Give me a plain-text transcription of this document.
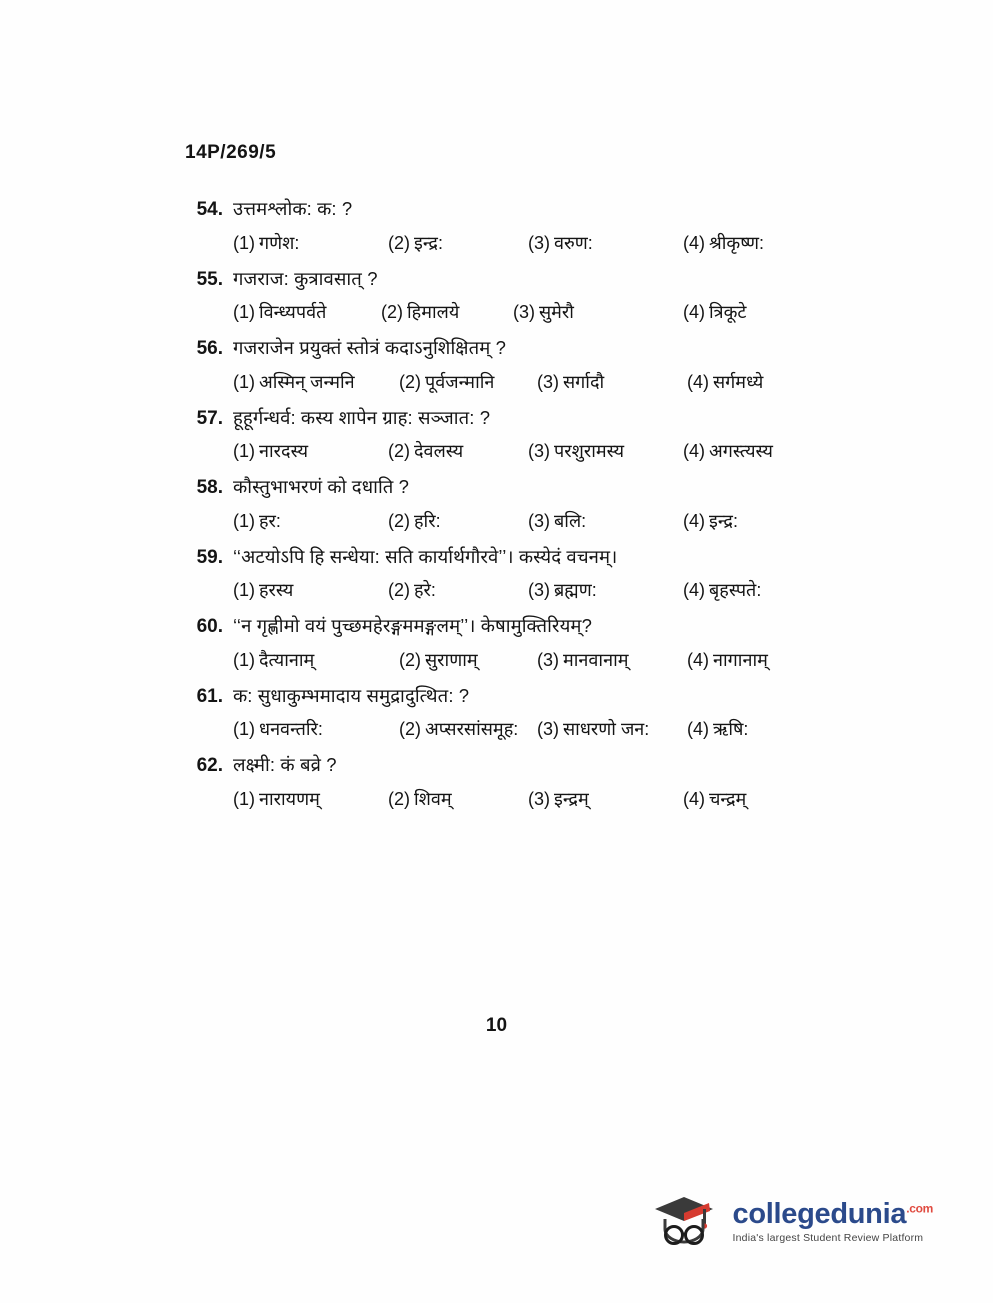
14P/269/5
54. उत्तमश्लोक: क: ?
(1) गणेश:	(2) इन्द्र:	(3) वरुण:	(4) श्रीकृष्ण:
55. गजराज: कुत्रावसात् ?
(1) विन्ध्यपर्वते	(2) हिमालये	(3) सुमेरौ	(4) त्रिकूटे
56. गजराजेन प्रयुक्तं स्तोत्रं कदाऽनुशिक्षितम् ?
(1) अस्मिन् जन्मनि	(2) पूर्वजन्मानि	(3) सर्गादौ	(4) सर्गमध्ये
57. हूहूर्गन्धर्व: कस्य शापेन ग्राह: सञ्जात: ?
(1) नारदस्य	(2) देवलस्य	(3) परशुरामस्य	(4) अगस्त्यस्य
58. कौस्तुभाभरणं को दधाति ?
(1) हर:	(2) हरि:	(3) बलि:	(4) इन्द्र:
59. ‘‘अटयोऽपि हि सन्धेया: सति कार्यार्थगौरवे’’। कस्येदं वचनम्।
(1) हरस्य	(2) हरे:	(3) ब्रह्मण:	(4) बृहस्पते:
60. ‘‘न गृह्णीमो वयं पुच्छमहेरङ्गममङ्गलम्’’। केषामुक्तिरियम्?
(1) दैत्यानाम्	(2) सुराणाम्	(3) मानवानाम्	(4) नागानाम्
61. क: सुधाकुम्भमादाय समुद्रादुत्थित: ?
(1) धनवन्तरि:	(2) अप्सरसांसमूह:	(3) साधरणो जन:	(4) ऋषि:
62. लक्ष्मी: कं बव्रे ?
(1) नारायणम्	(2) शिवम्	(3) इन्द्रम्	(4) चन्द्रम्
10
collegedunia$^{.com}$
India's largest Student Review Platform
